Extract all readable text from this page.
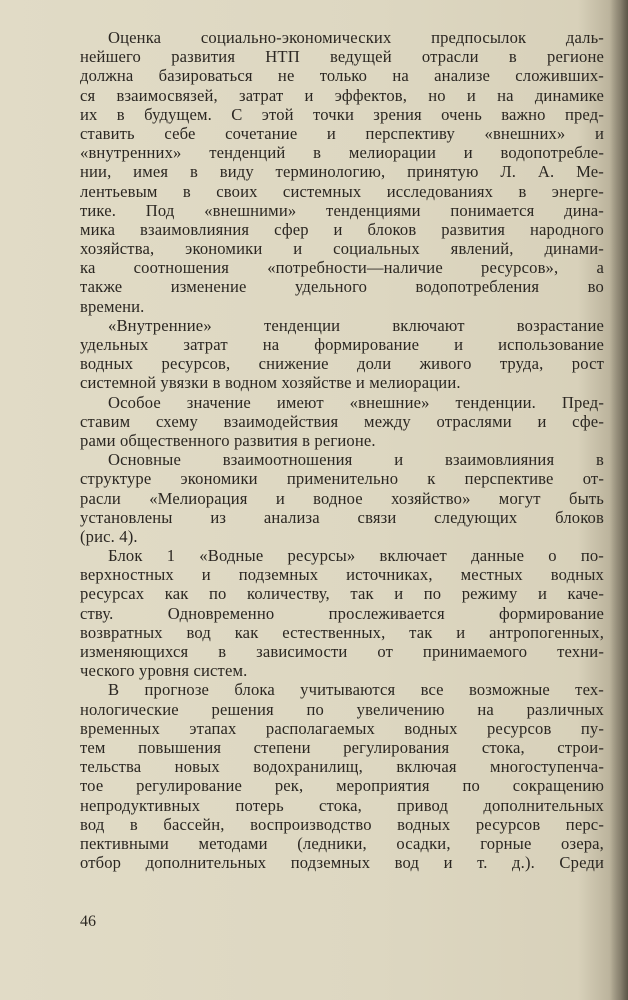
Оценка социально-экономических предпосылок даль-
нейшего развития НТП ведущей отрасли в регионе
должна базироваться не только на анализе сложивших-
ся взаимосвязей, затрат и эффектов, но и на динамике
их в будущем. С этой точки зрения очень важно пред-
ставить себе сочетание и перспективу «внешних» и
«внутренних» тенденций в мелиорации и водопотребле-
нии, имея в виду терминологию, принятую Л. А. Ме-
лентьевым в своих системных исследованиях в энерге-
тике. Под «внешними» тенденциями понимается дина-
мика взаимовлияния сфер и блоков развития народного
хозяйства, экономики и социальных явлений, динами-
ка соотношения «потребности—наличие ресурсов», а
также изменение удельного водопотребления во
времени.
«Внутренние» тенденции включают возрастание
удельных затрат на формирование и использование
водных ресурсов, снижение доли живого труда, рост
системной увязки в водном хозяйстве и мелиорации.
Особое значение имеют «внешние» тенденции. Пред-
ставим схему взаимодействия между отраслями и сфе-
рами общественного развития в регионе.
Основные взаимоотношения и взаимовлияния в
структуре экономики применительно к перспективе от-
расли «Мелиорация и водное хозяйство» могут быть
установлены из анализа связи следующих блоков
(рис. 4).
Блок 1 «Водные ресурсы» включает данные о по-
верхностных и подземных источниках, местных водных
ресурсах как по количеству, так и по режиму и каче-
ству. Одновременно прослеживается формирование
возвратных вод как естественных, так и антропогенных,
изменяющихся в зависимости от принимаемого техни-
ческого уровня систем.
В прогнозе блока учитываются все возможные тех-
нологические решения по увеличению на различных
временных этапах располагаемых водных ресурсов пу-
тем повышения степени регулирования стока, строи-
тельства новых водохранилищ, включая многоступенча-
тое регулирование рек, мероприятия по сокращению
непродуктивных потерь стока, привод дополнительных
вод в бассейн, воспроизводство водных ресурсов перс-
пективными методами (ледники, осадки, горные озера,
отбор дополнительных подземных вод и т. д.). Среди
46
